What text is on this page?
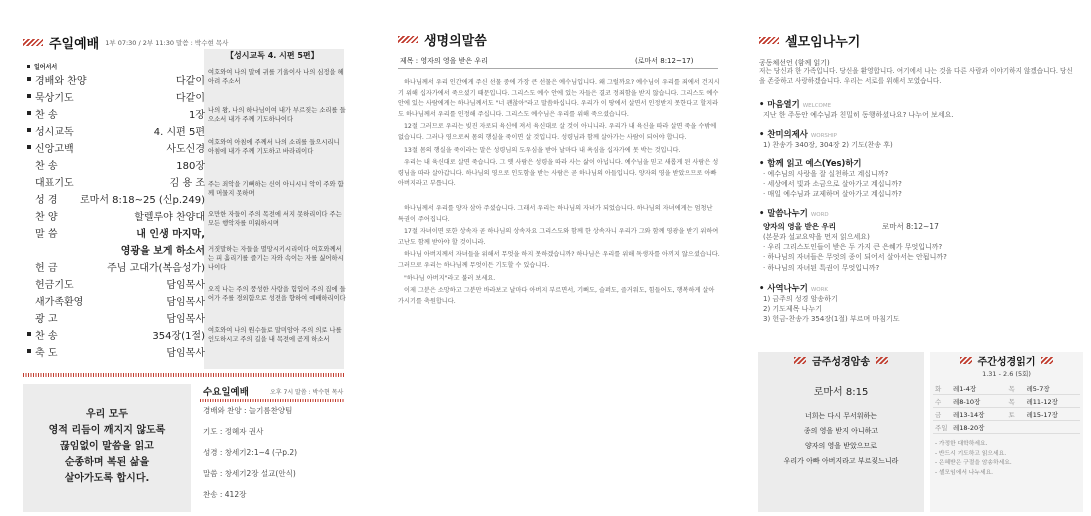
주일예배 1부 07:30 / 2부 11:30 말씀 : 박수현 목사
【성시교독 4. 시편 5편】
일어서서
경배와 찬양	다같이
묵상기도	다같이
찬 송	1장
성시교독	4. 시편 5편
신앙고백	사도신경
찬 송	180장
대표기도	김 용 조
성 경 로마서 8:18~25 (신p.249)
찬 양	할렐루야 찬양대
말 씀	내 인생 마지막,
영광을 보게 하소서
헌 금	주님 고대가(복음성가)
헌금기도	담임목사
새가족환영	담임목사
광 고	담임목사
찬 송	354장(1절)
축 도	담임목사
여호와여 나의 말에 귀를 기울이사 나의 심정을 헤아려 주소서
나의 왕, 나의 하나님이여 내가 부르짖는 소리를 들으소서 내가 주께 기도하나이다
여호와여 아침에 주께서 나의 소리를 들으시리니 아침에 내가 주께 기도하고 바라리이다
주는 죄악을 기뻐하는 신이 아니시니 악이 주와 함께 머물지 못하며
오만한 자들이 주의 목전에 서지 못하리이다 주는 모든 행악자를 미워하시며
거짓말하는 자들을 멸망시키시리이다 여호와께서는 피 흘리기를 즐기는 자와 속이는 자를 싫어하시나이다
오직 나는 주의 풍성한 사랑을 힘입어 주의 집에 들어가 주를 경외함으로 성전을 향하여 예배하리이다
여호와여 나의 원수들로 말미암아 주의 의로 나를 인도하시고 주의 길을 내 목전에 곧게 하소서
우리 모두
영적 리듬이 깨지지 않도록
끊임없이 말씀을 읽고
순종하며 복된 삶을
살아가도록 합시다.
수요일예배	오후 7시 말씀 : 박수현 목사
경배와 찬양 : 늘기름찬양팀
기도 : 정혜자 권사
성경 : 창세기2:1~4 (구p.2)
말씀 : 창세기2장 설교(안식)
찬송 : 412장
생명의말씀
제목 : 영자의 영을 받은 우리	(로마서 8:12~17)
하나님께서 우리 인간에게 주신 선물 중에 가장 큰 선물은 예수님입니다. 왜 그럴까요? 예수님이 우리를 죄에서 건지시기 위해 십자가에서 죽으셨기 때문입니다. 그리스도 예수 안에 있는 자들은 결코 정죄함을 받지 않습니다. 그리스도 예수 안에 있는 사람에게는 하나님께서도 "너 괜찮아"라고 말씀하십니다. 우리가 이 땅에서 살면서 인정받지 못한다고 할지라도 하나님께서 우리를 인정해 주십니다. 그리스도 예수님은 우리를 위해 죽으셨습니다.
12절 그러므로 우리는 빚진 자로되 육신에 져서 육신대로 살 것이 아니니라. 우리가 내 육신을 따라 살면 죽을 수밖에 없습니다. 그러나 영으로써 몸의 행실을 죽이면 살 것입니다. 성령님과 함께 살아가는 사람이 되어야 합니다.
13절 몸의 행실을 죽이라는 말은 성령님의 도우심을 받아 날마다 내 욕심을 십자가에 못 박는 것입니다.
우리는 내 육신대로 살면 죽습니다. 그 옛 사람은 성령을 따라 사는 삶이 아닙니다. 예수님을 믿고 새롭게 된 사람은 성령님을 따라 살아갑니다. 하나님의 영으로 인도함을 받는 사람은 곧 하나님의 아들입니다. 양자의 영을 받았으므로 아빠 아버지라고 부릅니다.
하나님께서 우리를 양자 삼아 주셨습니다. 그래서 우리는 하나님의 자녀가 되었습니다. 하나님의 자녀에게는 엄청난 특권이 주어집니다.
17절 자녀이면 또한 상속자 곧 하나님의 상속자요 그리스도와 함께 한 상속자니 우리가 그와 함께 영광을 받기 위하여 고난도 함께 받아야 할 것이니라.
하나님 아버지께서 자녀들을 위해서 무엇을 하지 못하겠습니까? 하나님은 우리를 위해 독생자를 아끼지 않으셨습니다. 그러므로 우리는 하나님께 무엇이든 기도할 수 있습니다.
"하나님 아버지"라고 불러 보세요.
이제 그분은 소망하고 그분만 바라보고 날마다 아버지 부르면서, 기뻐도, 슬퍼도, 즐거워도, 힘들어도, 행복하게 살아가시기를 축원합니다.
셀모임나누기
공동체선언 (함께 읽기)
저는 당신과 한 가족입니다. 당신을 환영합니다. 여기에서 나는 것을 다른 사람과 이야기하지 않겠습니다. 당신을 존중하고 사랑하겠습니다. 우리는 서로를 위해서 모였습니다.
• 마음열기 WELCOME
지난 한 주동안 예수님과 친밀히 동행하셨나요? 나누어 보세요.
• 찬미의제사 WORSHIP
1) 찬송가 340장, 304장 2) 기도(찬송 후)
• 함께 읽고 예스(Yes)하기
· 예수님의 사랑을 잘 실천하고 계십니까?
· 세상에서 빛과 소금으로 살아가고 계십니까?
· 매일 예수님과 교제하며 살아가고 계십니까?
• 말씀나누기 WORD
양자의 영을 받은 우리	로마서 8:12~17
(본문과 설교요약을 먼저 읽으세요)
· 우리 그리스도인들이 받은 두 가지 큰 은혜가 무엇입니까?
· 하나님의 자녀들은 무엇의 종이 되어서 살아서는 안됩니까?
· 하나님의 자녀된 특권이 무엇입니까?
• 사역나누기 WORK
1) 금주의 성경 암송하기
2) 기도제목 나누기
3) 헌금-찬송가 354장(1절) 부르며 마침기도
금주성경암송
로마서 8:15
너희는 다시 무서워하는
종의 영을 받지 아니하고
양자의 영을 받았으므로
우리가 아빠 아버지라고 부르짖느니라
주간성경읽기
1.31 - 2.6 (5회)
화	레1-4장	목	레5-7장
수	레8-10장	목	레11-12장
금	레13-14장	토	레15-17장
주일	레18-20장		
- 가정한 대학하세요.
- 반드시 기도하고 읽으세요.
- 은혜받은 구절을 암송하세요.
- 셀모임에서 나누세요.
